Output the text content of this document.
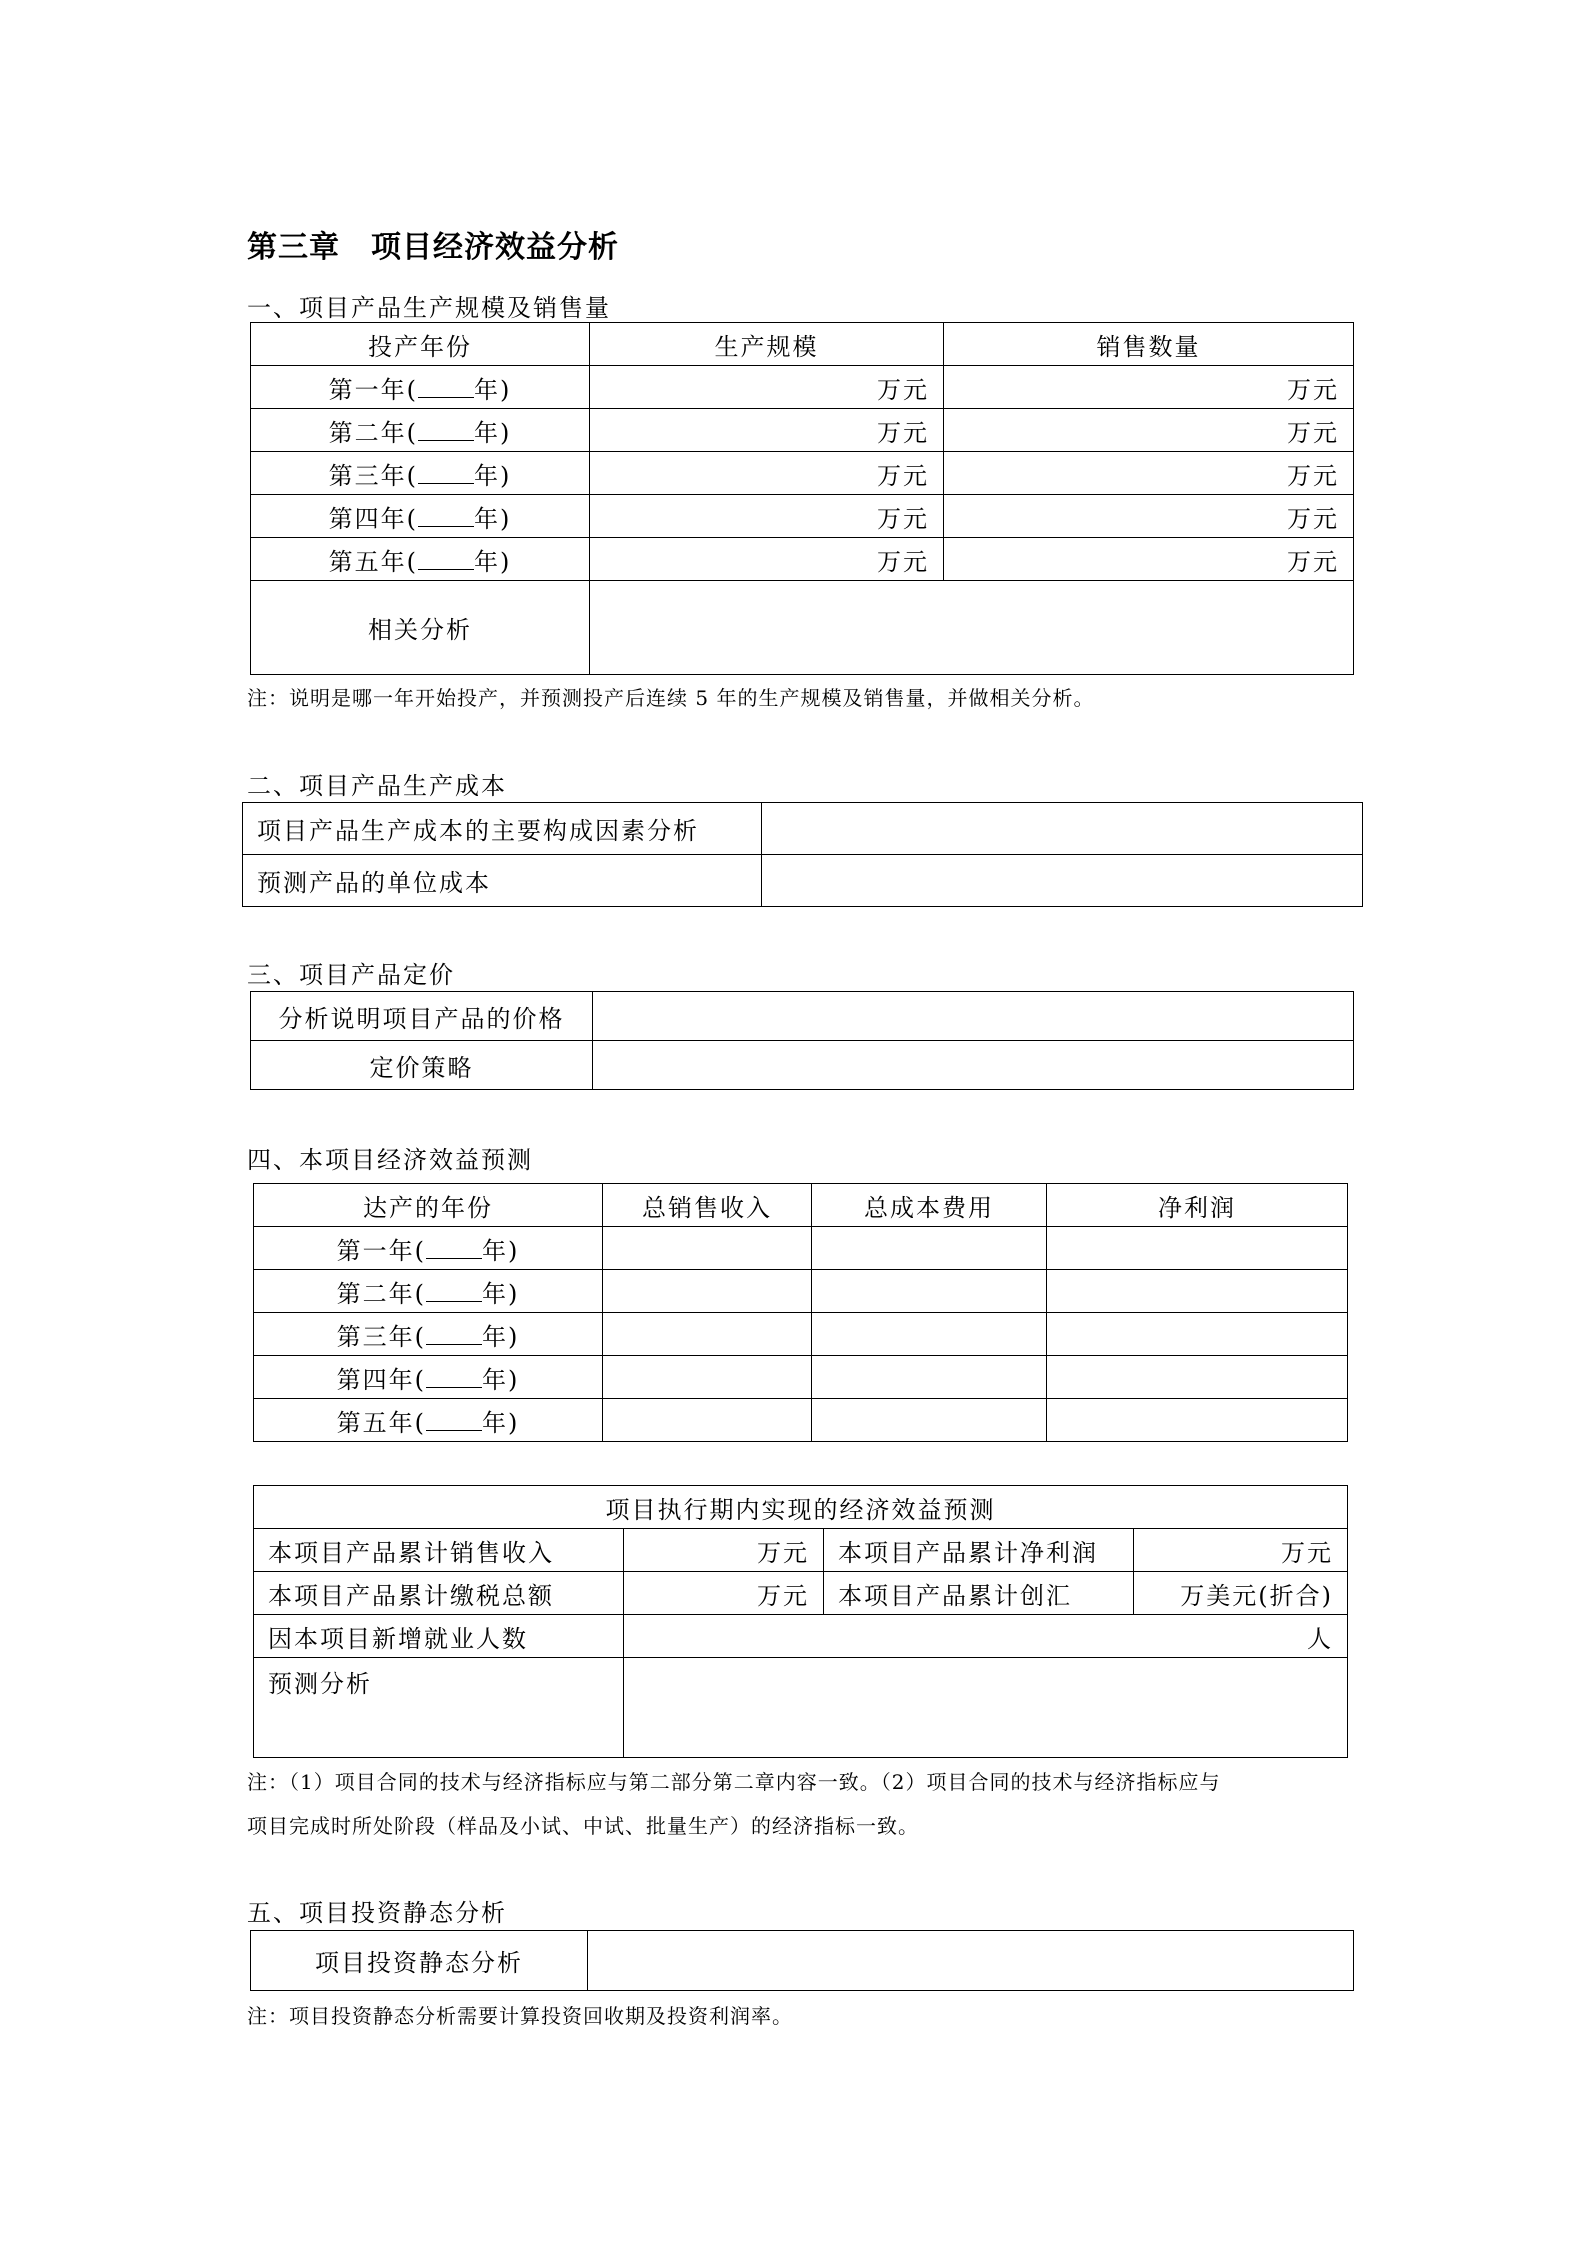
第三章　项目经济效益分析
一、项目产品生产规模及销售量
投产年份	生产规模	销售数量
第一年( 年)	万元	万元
第二年( 年)	万元	万元
第三年( 年)	万元	万元
第四年( 年)	万元	万元
第五年( 年)	万元	万元
相关分析		
注：说明是哪一年开始投产，并预测投产后连续 5 年的生产规模及销售量，并做相关分析。
二、项目产品生产成本
项目产品生产成本的主要构成因素分析	
预测产品的单位成本	
三、项目产品定价
分析说明项目产品的价格	
定价策略	
四、本项目经济效益预测
达产的年份	总销售收入	总成本费用	净利润
第一年( 年)			
第二年( 年)			
第三年( 年)			
第四年( 年)			
第五年( 年)			
项目执行期内实现的经济效益预测			
本项目产品累计销售收入	万元	本项目产品累计净利润	万元
本项目产品累计缴税总额	万元	本项目产品累计创汇	万美元(折合)
因本项目新增就业人数	人		
预测分析			
注：（1）项目合同的技术与经济指标应与第二部分第二章内容一致。（2）项目合同的技术与经济指标应与
项目完成时所处阶段（样品及小试、中试、批量生产）的经济指标一致。
五、项目投资静态分析
项目投资静态分析	
注：项目投资静态分析需要计算投资回收期及投资利润率。
